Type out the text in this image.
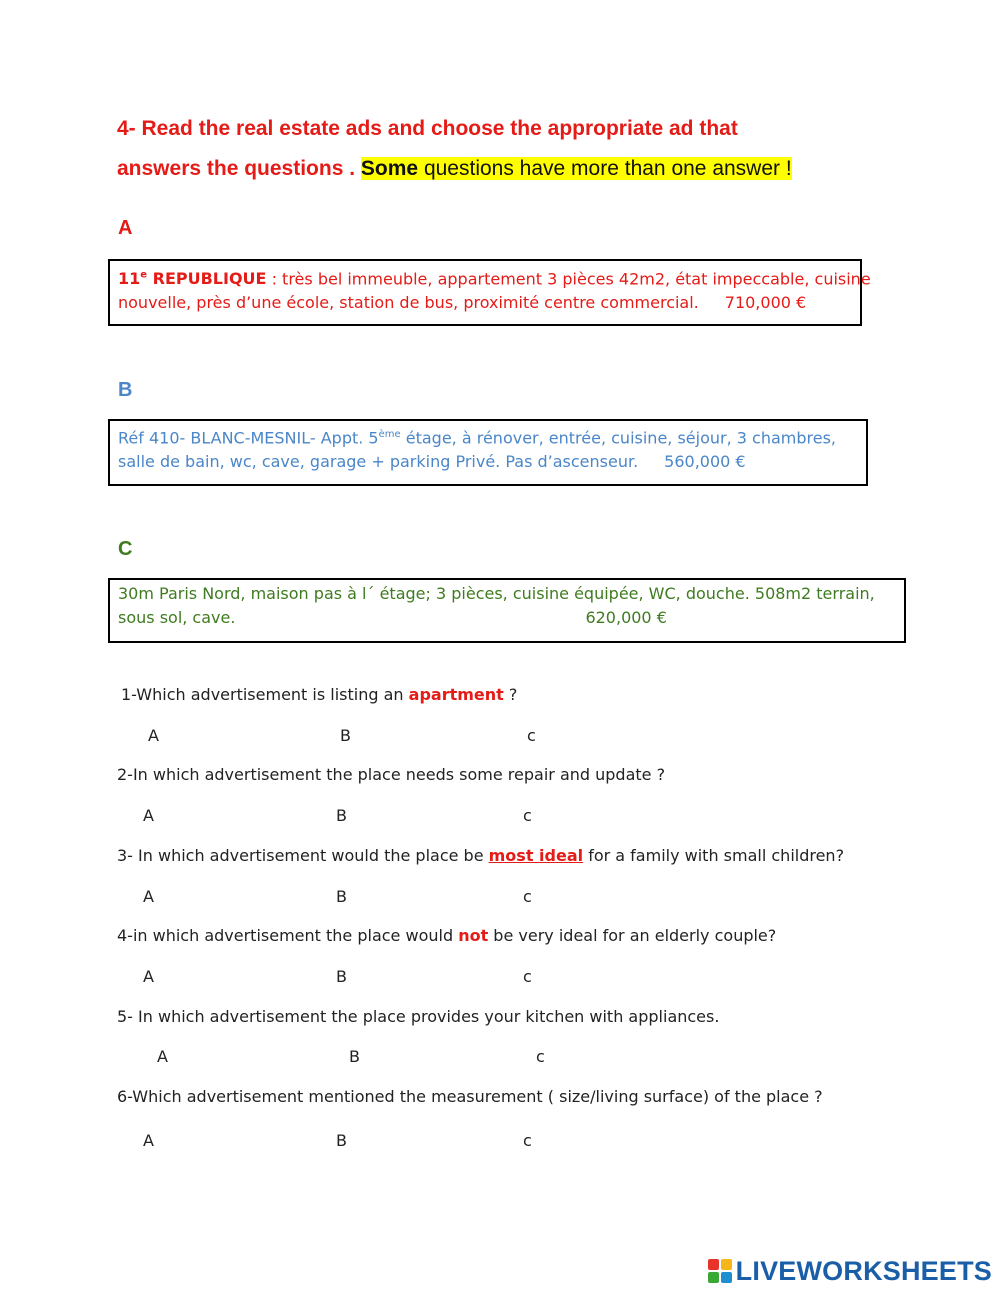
4- Read the real estate ads and choose the appropriate ad that
answers the questions . Some questions have more than one answer !
A
11e REPUBLIQUE : très bel immeuble, appartement 3 pièces 42m2, état impeccable, cuisine
nouvelle, près d’une école, station de bus, proximité centre commercial. 710,000 €
B
Réf 410- BLANC-MESNIL- Appt. 5ème étage, à rénover, entrée, cuisine, séjour, 3 chambres,
salle de bain, wc, cave, garage + parking Privé. Pas d’ascenseur. 560,000 €
C
30m Paris Nord, maison pas à l´ étage; 3 pièces, cuisine équipée, WC, douche. 508m2 terrain,
sous sol, cave.	620,000 €
1-Which advertisement is listing an apartment ?
A	B	c
2-In which advertisement the place needs some repair and update ?
A	B	c
3- In which advertisement would the place be most ideal for a family with small children?
A	B	c
4-in which advertisement the place would not be very ideal for an elderly couple?
A	B	c
5- In which advertisement the place provides your kitchen with appliances.
A	B	c
6-Which advertisement mentioned the measurement ( size/living surface) of the place ?
A	B	c
LIVEWORKSHEETS
